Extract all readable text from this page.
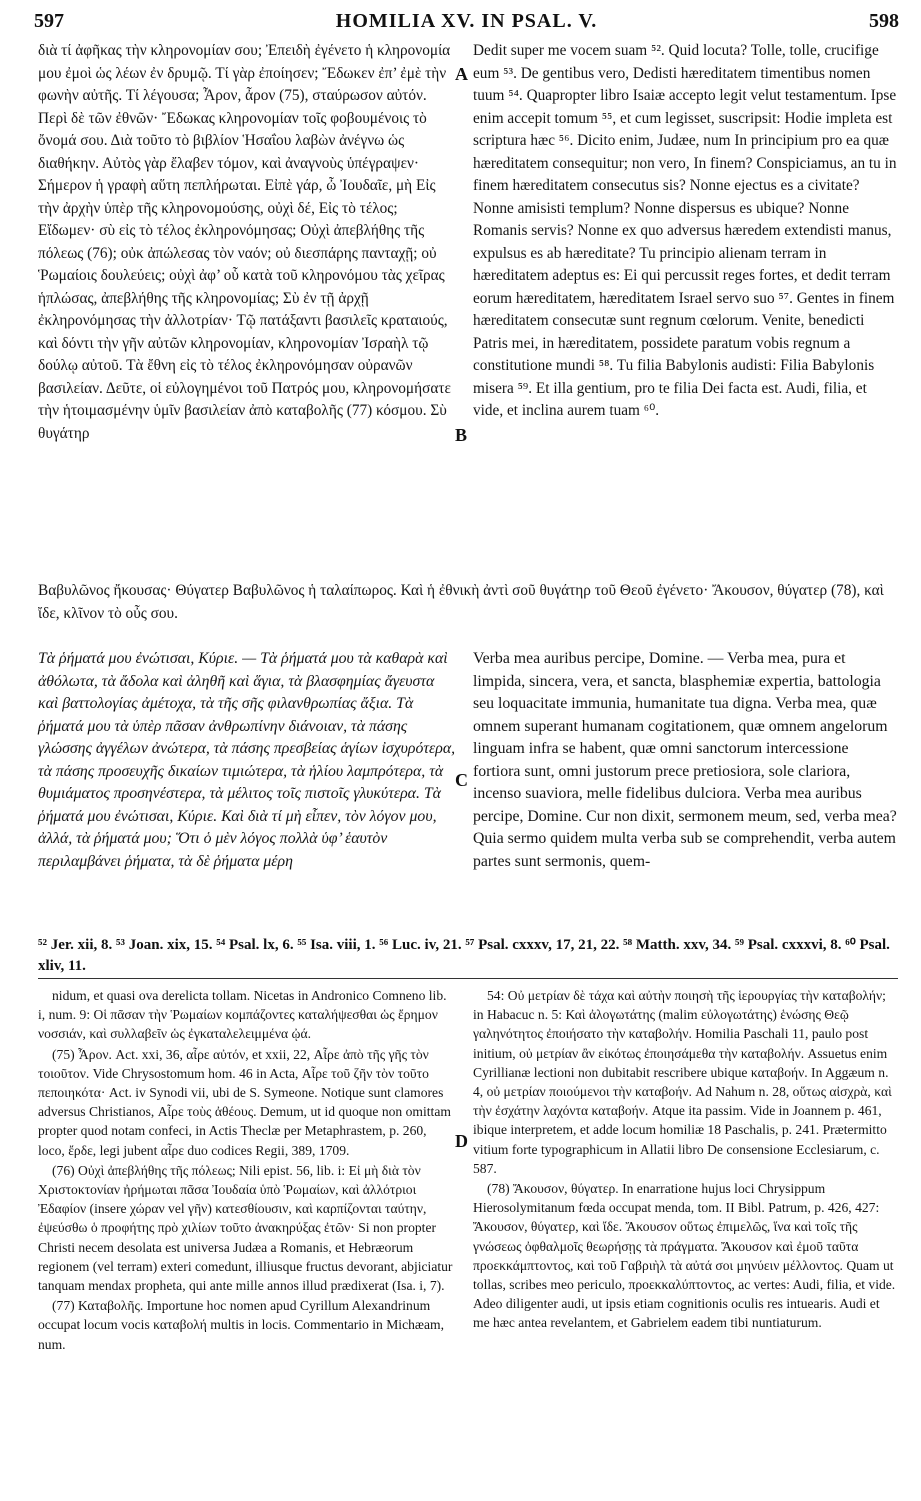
597	HOMILIA XV. IN PSAL. V.	598
A
B
C
D

διὰ τί ἀφῆκας τὴν κληρονομίαν σου; Ἐπειδὴ ἐγένετο ἡ κληρονομία μου ἐμοὶ ὡς λέων ἐν δρυμῷ. Τί γὰρ ἐποίησεν; Ἔδωκεν ἐπ’ ἐμὲ τὴν φωνὴν αὐτῆς. Τί λέγουσα; Ἆρον, ἆρον (75), σταύρωσον αὐτόν. Περὶ δὲ τῶν ἐθνῶν· Ἔδωκας κληρονομίαν τοῖς φοβουμένοις τὸ ὄνομά σου. Διὰ τοῦτο τὸ βιβλίον Ἡσαΐου λαβὼν ἀνέγνω ὡς διαθήκην. Αὐτὸς γὰρ ἔλαβεν τόμον, καὶ ἀναγνοὺς ὑπέγραψεν· Σήμερον ἡ γραφὴ αὕτη πεπλήρωται. Εἰπὲ γάρ, ὦ Ἰουδαῖε, μὴ Εἰς τὴν ἀρχὴν ὑπὲρ τῆς κληρονομούσης, οὐχὶ δέ, Εἰς τὸ τέλος; Εἴδωμεν· σὺ εἰς τὸ τέλος ἐκληρονόμησας; Οὐχὶ ἀπεβλήθης τῆς πόλεως (76); οὐκ ἀπώλεσας τὸν ναόν; οὐ διεσπάρης πανταχῇ; οὐ Ῥωμαίοις δουλεύεις; οὐχὶ ἀφ’ οὗ κατὰ τοῦ κληρονόμου τὰς χεῖρας ἡπλώσας, ἀπεβλήθης τῆς κληρονομίας; Σὺ ἐν τῇ ἀρχῇ ἐκληρονόμησας τὴν ἀλλοτρίαν· Τῷ πατάξαντι βασιλεῖς κραταιούς, καὶ δόντι τὴν γῆν αὐτῶν κληρονομίαν, κληρονομίαν Ἰσραὴλ τῷ δούλῳ αὐτοῦ. Τὰ ἔθνη εἰς τὸ τέλος ἐκληρονόμησαν οὐρανῶν βασιλείαν. Δεῦτε, οἱ εὐλογημένοι τοῦ Πατρός μου, κληρονομήσατε τὴν ἡτοιμασμένην ὑμῖν βασιλείαν ἀπὸ καταβολῆς (77) κόσμου. Σὺ θυγάτηρ

Dedit super me vocem suam ⁵². Quid locuta? Tolle, tolle, crucifige eum ⁵³. De gentibus vero, Dedisti hæreditatem timentibus nomen tuum ⁵⁴. Quapropter librо Isaiæ accepto legit velut testamentum. Ipse enim accepit tomum ⁵⁵, et cum legisset, suscripsit: Hodie impleta est scriptura hæc ⁵⁶. Dicito enim, Judæe, num In principium pro ea quæ hæreditatem consequitur; non vero, In finem? Conspiciamus, an tu in finem hæreditatem consecutus sis? Nonne ejectus es a civitate? Nonne amisisti templum? Nonne dispersus es ubique? Nonne Romanis servis? Nonne ex quo adversus hæredem extendisti manus, expulsus es ab hæreditate? Tu principio alienam terram in hæreditatem adeptus es: Ei qui percussit reges fortes, et dedit terram eorum hæreditatem, hæreditatem Israel servo suo ⁵⁷. Gentes in finem hæreditatem consecutæ sunt regnum cœlorum. Venite, benedicti Patris mei, in hæreditatem, possidete paratum vobis regnum a constitutione mundi ⁵⁸. Tu filia Babylonis audisti: Filia Babylonis misera ⁵⁹. Et illa gentium, pro te filia Dei facta est. Audi, filia, et vide, et inclina aurem tuam ⁶⁰.

Βαβυλῶνος ἤκουσας· Θύγατερ Βαβυλῶνος ἡ ταλαίπωρος. Καὶ ἡ ἐθνικὴ ἀντὶ σοῦ θυγάτηρ τοῦ Θεοῦ ἐγένετο· Ἄκουσον, θύγατερ (78), καὶ ἴδε, κλῖνον τὸ οὖς σου.

Τὰ ῥήματά μου ἐνώτισαι, Κύριε. — Τὰ ῥήματά μου τὰ καθαρὰ καὶ ἀθόλωτα, τὰ ἄδολα καὶ ἀληθῆ καὶ ἅγια, τὰ βλασφημίας ἄγευστα καὶ βαττολογίας ἀμέτοχα, τὰ τῆς σῆς φιλανθρωπίας ἄξια. Τὰ ῥήματά μου τὰ ὑπὲρ πᾶσαν ἀνθρωπίνην διάνοιαν, τὰ πάσης γλώσσης ἀγγέλων ἀνώτερα, τὰ πάσης πρεσβείας ἁγίων ἰσχυρότερα, τὰ πάσης προσευχῆς δικαίων τιμιώτερα, τὰ ἡλίου λαμπρότερα, τὰ θυμιάματος προσηνέστερα, τὰ μέλιτος τοῖς πιστοῖς γλυκύτερα. Τὰ ῥήματά μου ἐνώτισαι, Κύριε. Καὶ διὰ τί μὴ εἶπεν, τὸν λόγον μου, ἀλλά, τὰ ῥήματά μου; Ὅτι ὁ μὲν λόγος πολλὰ ὑφ’ ἑαυτὸν περιλαμβάνει ῥήματα, τὰ δὲ ῥήματα μέρη

Verba mea auribus percipe, Domine. — Verba mea, pura et limpida, sincera, vera, et sancta, blasphemiæ expertia, battologia seu loquacitate immunia, humanitate tua digna. Verba mea, quæ omnem superant humanam cogitationem, quæ omnem angelorum linguam infra se habent, quæ omni sanctorum intercessione fortiora sunt, omni justorum prece pretiosiora, sole clariora, incenso suaviora, melle fidelibus dulciora. Verba mea auribus percipe, Domine. Cur non dixit, sermonem meum, sed, verba mea? Quia sermo quidem multa verba sub se comprehendit, verba autem partes sunt sermonis, quem-

⁵² Jer. xii, 8. ⁵³ Joan. xix, 15. ⁵⁴ Psal. lx, 6. ⁵⁵ Isa. viii, 1. ⁵⁶ Luc. iv, 21. ⁵⁷ Psal. cxxxv, 17, 21, 22. ⁵⁸ Matth. xxv, 34. ⁵⁹ Psal. cxxxvi, 8. ⁶⁰ Psal. xliv, 11.

nidum, et quasi ova derelicta tollam. Nicetas in Andronico Comneno lib. i, num. 9: Οἱ πᾶσαν τὴν Ῥωμαίων κομπάζοντες καταλήψεσθαι ὡς ἔρημον νοσσιάν, καὶ συλλαβεῖν ὡς ἐγκαταλελειμμένα ᾠά.

(75) Ἆρον. Act. xxi, 36, αἶρε αὐτόν, et xxii, 22, Αἶρε ἀπὸ τῆς γῆς τὸν τοιοῦτον. Vide Chrysostomum hom. 46 in Acta, Αἶρε τοῦ ζῆν τὸν τοῦτο πεποιηκότα· Act. iv Synodi vii, ubi de S. Symeone. Notique sunt clamores adversus Christianos, Αἶρε τοὺς ἀθέους. Demum, ut id quoque non omittam propter quod notam confeci, in Actis Theclæ per Metaphrastem, p. 260, loco, ἔρδε, legi jubent αἶρε duo codices Regii, 389, 1709.

(76) Οὐχὶ ἀπεβλήθης τῆς πόλεως; Nili epist. 56, lib. i: Εἰ μὴ διὰ τὸν Χριστοκτονίαν ἠρήμωται πᾶσα Ἰουδαία ὑπὸ Ῥωμαίων, καὶ ἀλλότριοι Ἐδαφίον (insere χώραν vel γῆν) κατεσθίουσιν, καὶ καρπίζονται ταύτην, ἐψεύσθω ὁ προφήτης πρὸ χιλίων τοῦτο ἀνακηρύξας ἐτῶν· Si non propter Christi necem desolata est universa Judæa a Romanis, et Hebræorum regionem (vel terram) exteri comedunt, illiusque fructus devorant, abjiciatur tanquam mendax propheta, qui ante mille annos illud prædixerat (Isa. i, 7).

(77) Καταβολῆς. Importune hoc nomen apud Cyrillum Alexandrinum occupat locum vocis καταβολή multis in locis. Commentario in Michæam, num.

54: Οὐ μετρίαν δὲ τάχα καὶ αὐτὴν ποιησὴ τῆς ἱερουργίας τὴν καταβολήν; in Habacuc n. 5: Καὶ ἀλογωτάτης (malim εὐλογωτάτης) ἑνώσης Θεῷ γαληνότητος ἐποιήσατο τὴν καταβολήν. Homilia Paschali 11, paulo post initium, οὐ μετρίαν ἂν εἰκότως ἐποιησάμεθα τὴν καταβολήν. Assuetus enim Cyrillianæ lectioni non dubitabit rescribere ubique καταβοήν. In Aggæum n. 4, οὐ μετρίαν ποιούμενοι τὴν καταβοήν. Ad Nahum n. 28, οὕτως αἰσχρὰ, καὶ τὴν ἐσχάτην λαχόντα καταβοήν. Atque ita passim. Vide in Joannem p. 461, ibique interpretem, et adde locum homiliæ 18 Paschalis, p. 241. Prætermitto vitium forte typographicum in Allatii libro De consensione Ecclesiarum, c. 587.

(78) Ἄκουσον, θύγατερ. In enarratione hujus loci Chrysippum Hierosolymitanum fœda occupat menda, tom. II Bibl. Patrum, p. 426, 427: Ἄκουσον, θύγατερ, καὶ ἴδε. Ἄκουσον οὕτως ἐπιμελῶς, ἵνα καὶ τοῖς τῆς γνώσεως ὀφθαλμοῖς θεωρήσῃς τὰ πράγματα. Ἄκουσον καὶ ἐμοῦ ταῦτα προεκκάμπτοντος, καὶ τοῦ Γαβριὴλ τὰ αὐτά σοι μηνύειν μέλλοντος. Quam ut tollas, scribes meo periculo, προεκκαλύπτοντος, ac vertes: Audi, filia, et vide. Adeo diligenter audi, ut ipsis etiam cognitionis oculis res intuearis. Audi et me hæc antea revelantem, et Gabrielem eadem tibi nuntiaturum.
